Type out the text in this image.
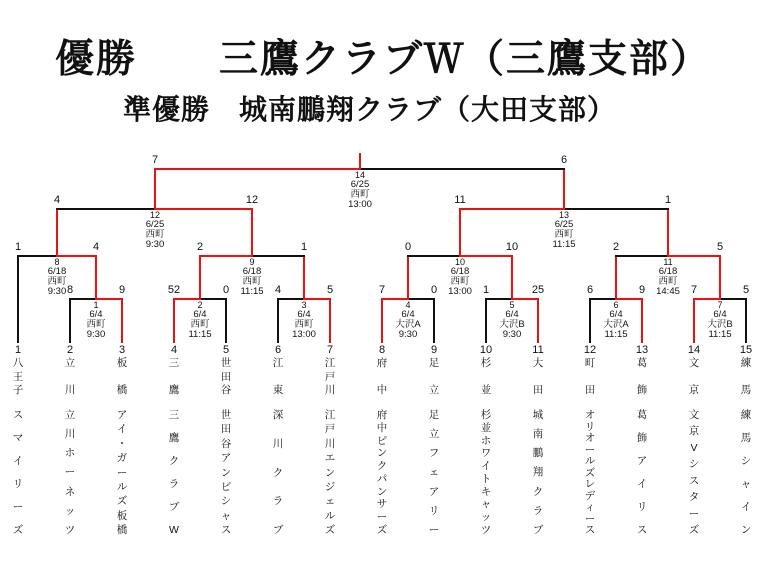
優勝　　三鷹クラブＷ（三鷹支部）
準優勝　城南鵬翔クラブ（大田支部）
8	9
1
6/4
西町
9:30
52	0
2
6/4
西町
11:15
4	5
3
6/4
西町
13:00
7	0
4
6/4
大沢A
9:30
1	25
5
6/4
大沢B
9:30
6	9
6
6/4
大沢A
11:15
7	5
7
6/4
大沢B
11:15
1	4
8
6/18
西町
9:30
2	1
9
6/18
西町
11:15
0	10
10
6/18
西町
13:00
2	5
11
6/18
西町
14:45
4	12
12
6/25
西町
9:30
11	1
13
6/25
西町
11:15
7	6
14
6/25
西町
13:00
1
八
王
子
ス
マ
イ
リ
ー
ズ
2
立
川
立
川
ホ
ー
ネ
ッ
ツ
3
板
橋
ア
イ
・
ガ
ー
ル
ズ
板
橋
4
三
鷹
三
鷹
ク
ラ
ブ
W
5
世
田
谷
世
田
谷
ア
ン
ビ
シ
ャ
ス
6
江
東
深
川
ク
ラ
ブ
7
江
戸
川
江
戸
川
エ
ン
ジ
ェ
ル
ズ
8
府
中
府
中
ピ
ン
ク
パ
ン
サ
ー
ズ
9
足
立
足
立
フ
ェ
ア
リ
ー
10
杉
並
杉
並
ホ
ワ
イ
ト
キ
ャ
ッ
ツ
11
大
田
城
南
鵬
翔
ク
ラ
ブ
12
町
田
オ
リ
オ
ー
ル
ズ
レ
デ
ィ
ー
ス
13
葛
飾
葛
飾
ア
イ
リ
ス
14
文
京
文
京
V
シ
ス
タ
ー
ズ
15
練
馬
練
馬
シ
ャ
イ
ン
